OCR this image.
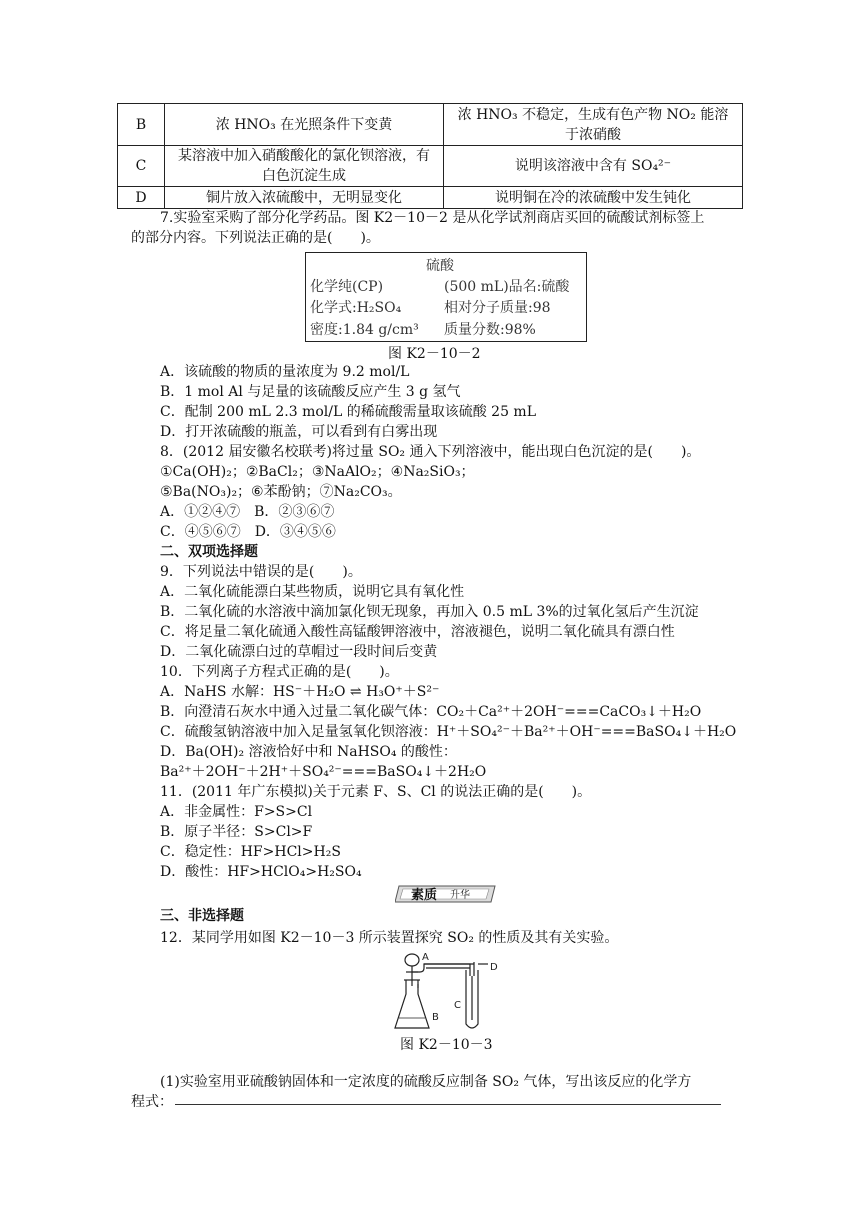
B	浓 HNO₃ 在光照条件下变黄	浓 HNO₃ 不稳定，生成有色产物 NO₂ 能溶
于浓硝酸

C	某溶液中加入硝酸酸化的氯化钡溶液，有
白色沉淀生成	说明该溶液中含有 SO₄²⁻
D	铜片放入浓硫酸中，无明显变化	说明铜在冷的浓硫酸中发生钝化
7.实验室采购了部分化学药品。图 K2－10－2 是从化学试剂商店买回的硫酸试剂标签上
的部分内容。下列说法正确的是(　　)。
硫酸
化学纯(CP)	(500 mL)品名:硫酸
化学式:H₂SO₄	相对分子质量:98
密度:1.84 g/cm³ 质量分数:98%
图 K2－10－2
A．该硫酸的物质的量浓度为 9.2 mol/L
B．1 mol Al 与足量的该硫酸反应产生 3 g 氢气
C．配制 200 mL 2.3 mol/L 的稀硫酸需量取该硫酸 25 mL
D．打开浓硫酸的瓶盖，可以看到有白雾出现
8．(2012 届安徽名校联考)将过量 SO₂ 通入下列溶液中，能出现白色沉淀的是(　　)。
①Ca(OH)₂；②BaCl₂；③NaAlO₂；④Na₂SiO₃；
⑤Ba(NO₃)₂；⑥苯酚钠；⑦Na₂CO₃。
A．①②④⑦　B．②③⑥⑦
C．④⑤⑥⑦　D．③④⑤⑥
二、双项选择题
9．下列说法中错误的是(　　)。
A．二氧化硫能漂白某些物质，说明它具有氧化性
B．二氧化硫的水溶液中滴加氯化钡无现象，再加入 0.5 mL 3%的过氧化氢后产生沉淀
C．将足量二氧化硫通入酸性高锰酸钾溶液中，溶液褪色，说明二氧化硫具有漂白性
D．二氧化硫漂白过的草帽过一段时间后变黄
10．下列离子方程式正确的是(　　)。
A．NaHS 水解：HS⁻＋H₂O ⇌ H₃O⁺＋S²⁻
B．向澄清石灰水中通入过量二氧化碳气体：CO₂＋Ca²⁺＋2OH⁻===CaCO₃↓＋H₂O
C．硫酸氢钠溶液中加入足量氢氧化钡溶液：H⁺＋SO₄²⁻＋Ba²⁺＋OH⁻===BaSO₄↓＋H₂O
D．Ba(OH)₂ 溶液恰好中和 NaHSO₄ 的酸性：
Ba²⁺＋2OH⁻＋2H⁺＋SO₄²⁻===BaSO₄↓＋2H₂O
11．(2011 年广东模拟)关于元素 F、S、Cl 的说法正确的是(　　)。
A．非金属性：F>S>Cl
B．原子半径：S>Cl>F
C．稳定性：HF>HCl>H₂S
D．酸性：HF>HClO₄>H₂SO₄
素质 升华
三、非选择题
12．某同学用如图 K2－10－3 所示装置探究 SO₂ 的性质及其有关实验。
A
B
C
D
图 K2－10－3
(1)实验室用亚硫酸钠固体和一定浓度的硫酸反应制备 SO₂ 气体，写出该反应的化学方
程式：
